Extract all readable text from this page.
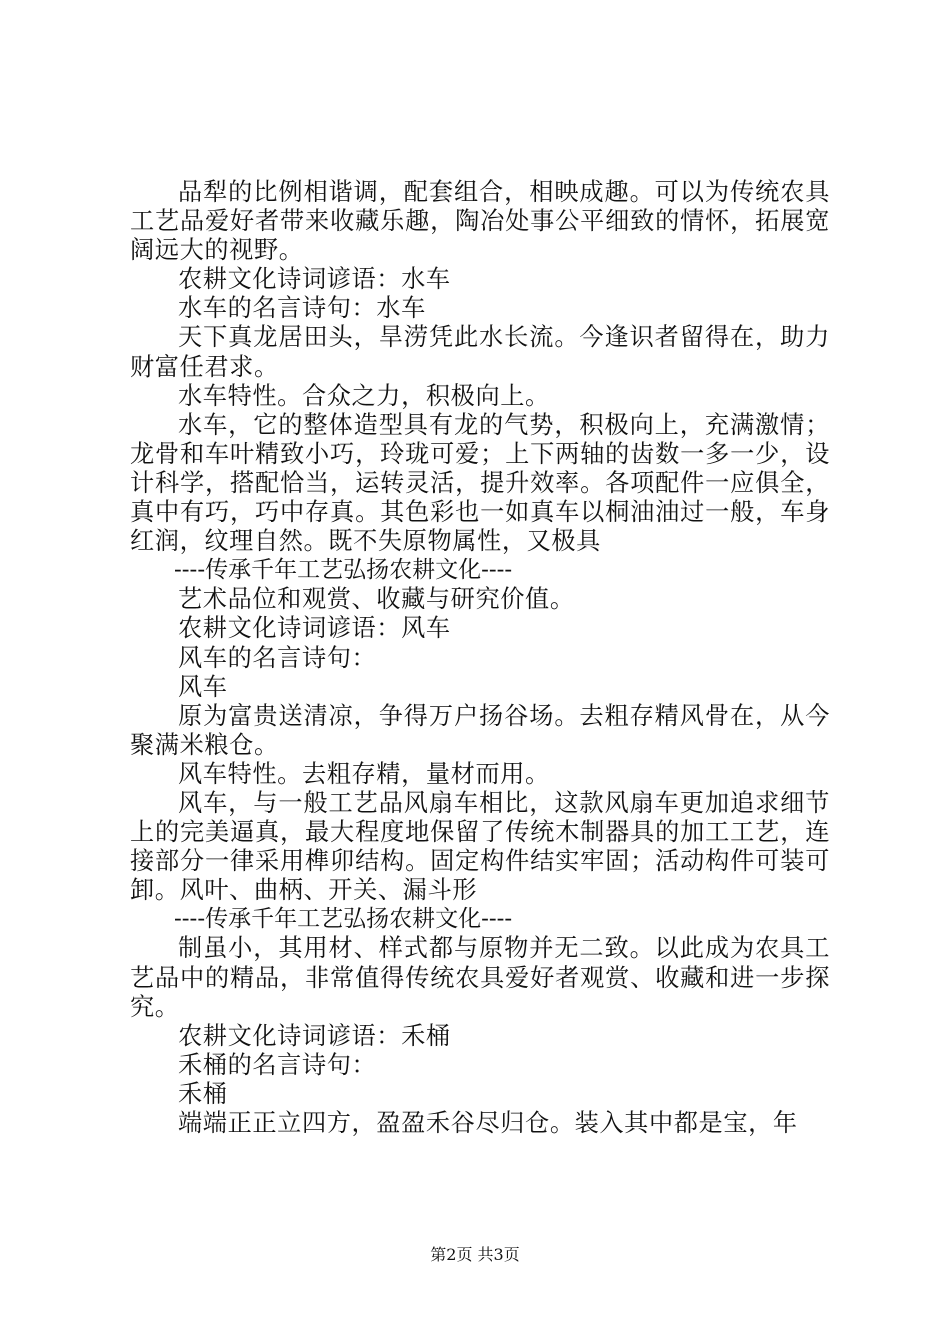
品犁的比例相谐调，配套组合，相映成趣。可以为传统农具工艺品爱好者带来收藏乐趣，陶冶处事公平细致的情怀，拓展宽阔远大的视野。

农耕文化诗词谚语：水车

水车的名言诗句：水车

天下真龙居田头，旱涝凭此水长流。今逢识者留得在，助力财富任君求。

水车特性。合众之力，积极向上。

水车，它的整体造型具有龙的气势，积极向上，充满激情；龙骨和车叶精致小巧，玲珑可爱；上下两轴的齿数一多一少，设计科学，搭配恰当，运转灵活，提升效率。各项配件一应俱全，真中有巧，巧中存真。其色彩也一如真车以桐油油过一般，车身红润，纹理自然。既不失原物属性，又极具

----传承千年工艺弘扬农耕文化----

艺术品位和观赏、收藏与研究价值。

农耕文化诗词谚语：风车

风车的名言诗句：

风车

原为富贵送清凉，争得万户扬谷场。去粗存精风骨在，从今聚满米粮仓。

风车特性。去粗存精，量材而用。

风车，与一般工艺品风扇车相比，这款风扇车更加追求细节上的完美逼真，最大程度地保留了传统木制器具的加工工艺，连接部分一律采用榫卯结构。固定构件结实牢固；活动构件可装可卸。风叶、曲柄、开关、漏斗形

----传承千年工艺弘扬农耕文化----

制虽小，其用材、样式都与原物并无二致。以此成为农具工艺品中的精品，非常值得传统农具爱好者观赏、收藏和进一步探究。

农耕文化诗词谚语：禾桶

禾桶的名言诗句：

禾桶

端端正正立四方，盈盈禾谷尽归仓。装入其中都是宝，年

第2页 共3页
